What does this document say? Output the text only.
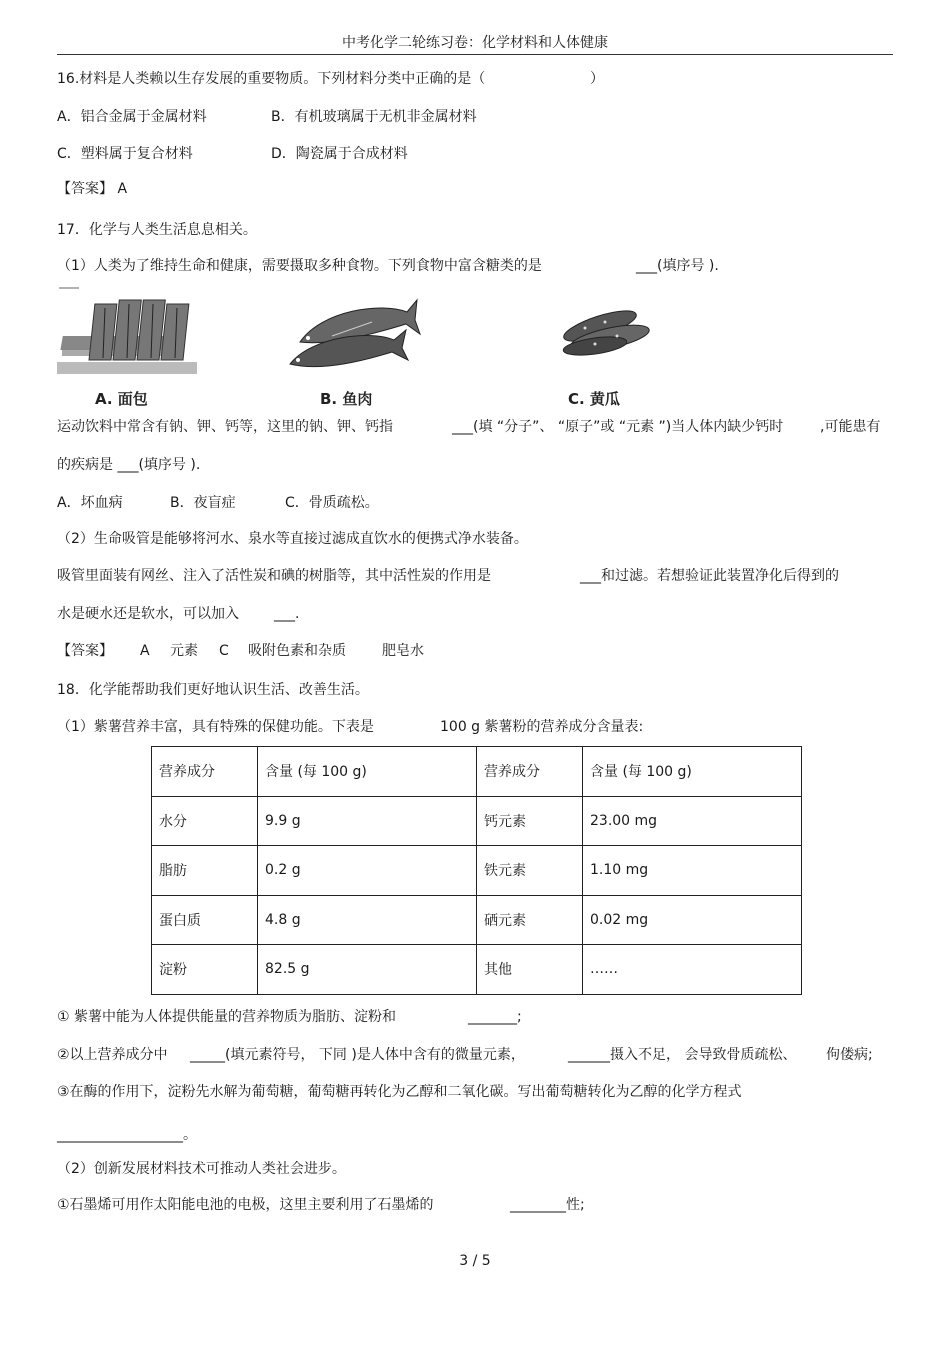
中考化学二轮练习卷：化学材料和人体健康
16.材料是人类赖以生存发展的重要物质。下列材料分类中正确的是（	）
A．铝合金属于金属材料	B．有机玻璃属于无机非金属材料
C．塑料属于复合材料	D．陶瓷属于合成材料
【答案】 A
17．化学与人类生活息息相关。
（1）人类为了维持生命和健康，需要摄取多种食物。下列食物中富含糖类的是	___(填序号 ).
A. 面包	B. 鱼肉	C. 黄瓜
运动饮料中常含有钠、钾、钙等，这里的钠、钾、钙指	___(填 “分子”、 “原子”或 “元素 ”)当人体内缺少钙时	,可能患有
的疾病是 ___(填序号 ).
A．坏血病	B．夜盲症	C．骨质疏松。
（2）生命吸管是能够将河水、泉水等直接过滤成直饮水的便携式净水装备。
吸管里面装有网丝、注入了活性炭和碘的树脂等，其中活性炭的作用是	___和过滤。若想验证此装置净化后得到的
水是硬水还是软水，可以加入	___.
【答案】 A 元素 C 吸附色素和杂质	肥皂水
18．化学能帮助我们更好地认识生活、改善生活。
（1）紫薯营养丰富，具有特殊的保健功能。下表是	100 g 紫薯粉的营养成分含量表:
营养成分	含量 (每 100 g)	营养成分	含量 (每 100 g)
水分	9.9 g	钙元素	23.00 mg
脂肪	0.2 g	铁元素	1.10 mg
蛋白质	4.8 g	硒元素	0.02 mg
淀粉	82.5 g	其他	……
① 紫薯中能为人体提供能量的营养物质为脂肪、淀粉和	_______;
②以上营养成分中 _____(填元素符号， 下同 )是人体中含有的微量元素，	______摄入不足， 会导致骨质疏松、 佝偻病;
③在酶的作用下，淀粉先水解为葡萄糖，葡萄糖再转化为乙醇和二氧化碳。写出葡萄糖转化为乙醇的化学方程式
__________________。
（2）创新发展材料技术可推动人类社会进步。
①石墨烯可用作太阳能电池的电极，这里主要利用了石墨烯的	________性;
3 / 5
